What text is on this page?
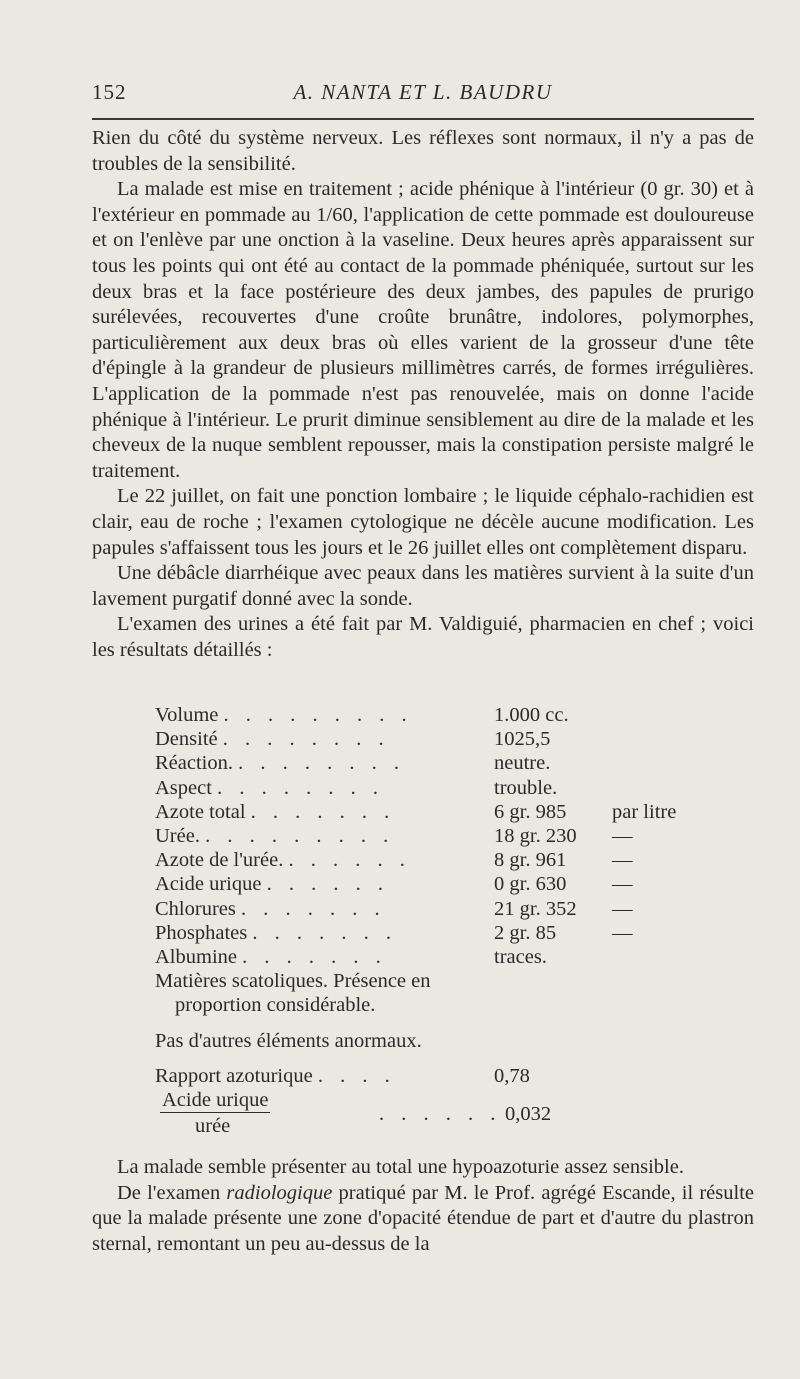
152	A. NANTA ET L. BAUDRU

Rien du côté du système nerveux. Les réflexes sont normaux, il n'y a pas de troubles de la sensibilité.

La malade est mise en traitement ; acide phénique à l'intérieur (0 gr. 30) et à l'extérieur en pommade au 1/60, l'application de cette pommade est douloureuse et on l'enlève par une onction à la vaseline. Deux heures après apparaissent sur tous les points qui ont été au contact de la pommade phéniquée, surtout sur les deux bras et la face postérieure des deux jambes, des papules de prurigo surélevées, recouvertes d'une croûte brunâtre, indolores, polymorphes, particulièrement aux deux bras où elles varient de la grosseur d'une tête d'épingle à la grandeur de plusieurs millimètres carrés, de formes irrégulières. L'application de la pommade n'est pas renouvelée, mais on donne l'acide phénique à l'intérieur. Le prurit diminue sensiblement au dire de la malade et les cheveux de la nuque semblent repousser, mais la constipation persiste malgré le traitement.

Le 22 juillet, on fait une ponction lombaire ; le liquide céphalo-rachidien est clair, eau de roche ; l'examen cytologique ne décèle aucune modification. Les papules s'affaissent tous les jours et le 26 juillet elles ont complètement disparu.

Une débâcle diarrhéique avec peaux dans les matières survient à la suite d'un lavement purgatif donné avec la sonde.

L'examen des urines a été fait par M. Valdiguié, pharmacien en chef ; voici les résultats détaillés :

Volume . . . . . . . . .	1.000 cc.
Densité . . . . . . . .	1025,5
Réaction. . . . . . . . .	neutre.
Aspect . . . . . . . .	trouble.
Azote total . . . . . . .	6 gr. 985 par litre
Urée. . . . . . . . . .	18 gr. 230 —
Azote de l'urée. . . . . . .	8 gr. 961 —
Acide urique . . . . . .	0 gr. 630 —
Chlorures . . . . . . .	21 gr. 352 —
Phosphates . . . . . . .	2 gr. 85	—
Albumine . . . . . . .	traces.
Matières scatoliques. Présence en
proportion considérable.
Pas d'autres éléments anormaux.
Rapport azoturique . . . .	0,78
Acide urique
urée
. . . . . . 0,032

La malade semble présenter au total une hypoazoturie assez sensible.

De l'examen radiologique pratiqué par M. le Prof. agrégé Escande, il résulte que la malade présente une zone d'opacité étendue de part et d'autre du plastron sternal, remontant un peu au-dessus de la
